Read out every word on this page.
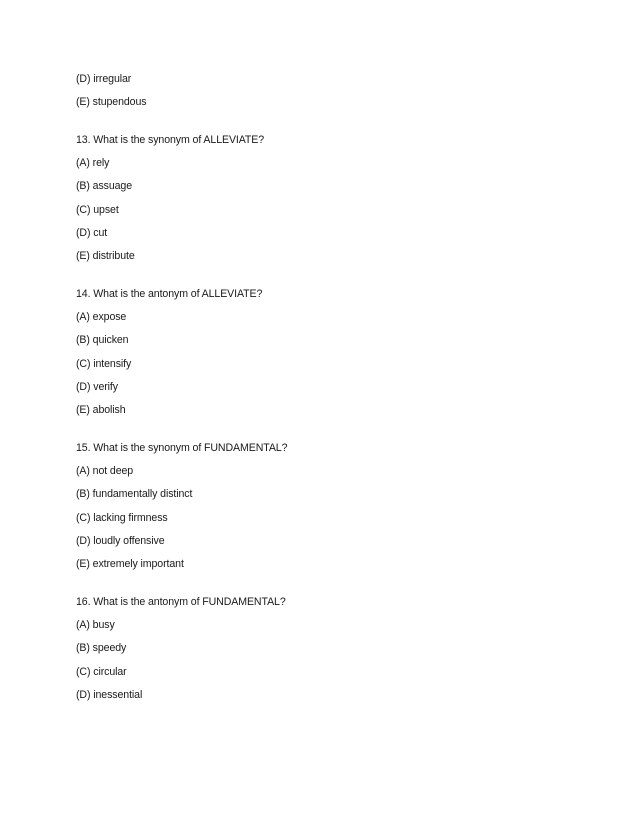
(D) irregular
(E) stupendous
13. What is the synonym of ALLEVIATE?
(A) rely
(B) assuage
(C) upset
(D) cut
(E) distribute
14. What is the antonym of ALLEVIATE?
(A) expose
(B) quicken
(C) intensify
(D) verify
(E) abolish
15. What is the synonym of FUNDAMENTAL?
(A) not deep
(B) fundamentally distinct
(C) lacking firmness
(D) loudly offensive
(E) extremely important
16. What is the antonym of FUNDAMENTAL?
(A) busy
(B) speedy
(C) circular
(D) inessential
